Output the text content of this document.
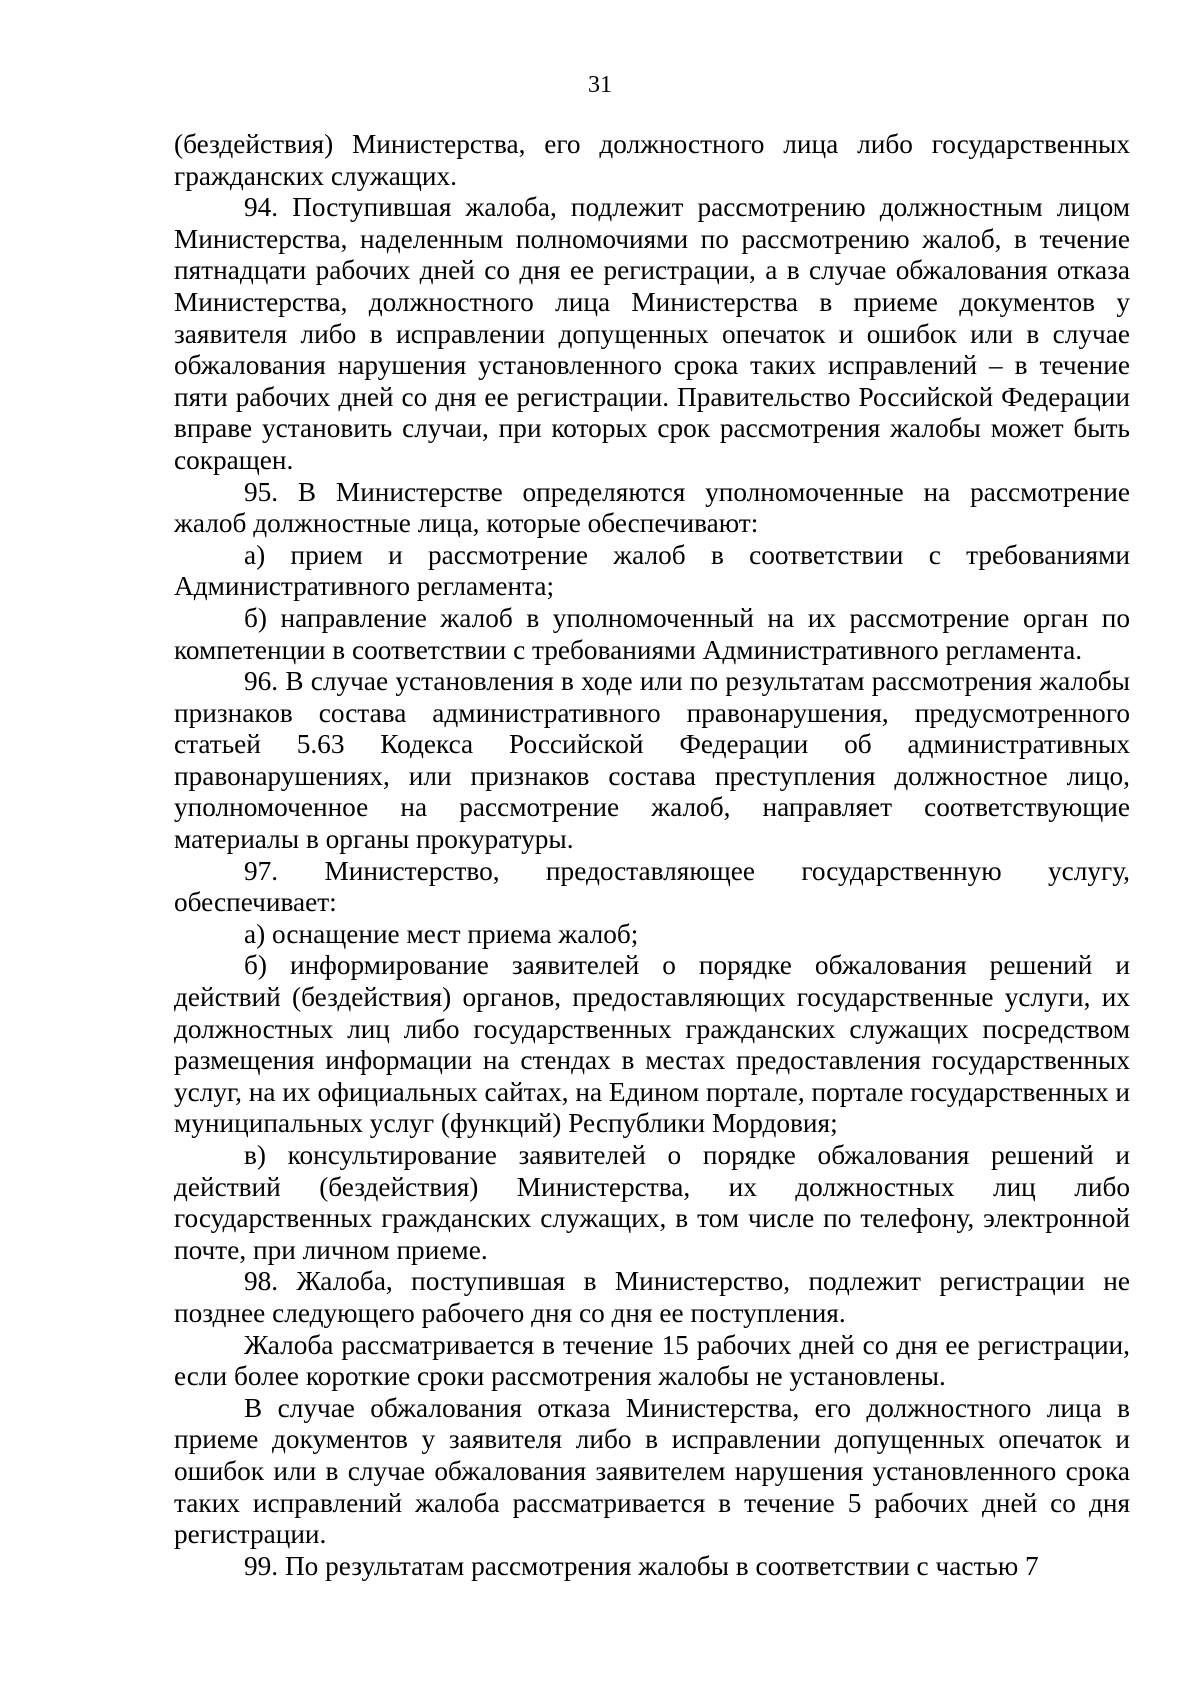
31

(бездействия) Министерства, его должностного лица либо государственных гражданских служащих.

94. Поступившая жалоба, подлежит рассмотрению должностным лицом Министерства, наделенным полномочиями по рассмотрению жалоб, в течение пятнадцати рабочих дней со дня ее регистрации, а в случае обжалования отказа Министерства, должностного лица Министерства в приеме документов у заявителя либо в исправлении допущенных опечаток и ошибок или в случае обжалования нарушения установленного срока таких исправлений – в течение пяти рабочих дней со дня ее регистрации. Правительство Российской Федерации вправе установить случаи, при которых срок рассмотрения жалобы может быть сокращен.

95. В Министерстве определяются уполномоченные на рассмотрение жалоб должностные лица, которые обеспечивают:

а) прием и рассмотрение жалоб в соответствии с требованиями Административного регламента;

б) направление жалоб в уполномоченный на их рассмотрение орган по компетенции в соответствии с требованиями Административного регламента.

96. В случае установления в ходе или по результатам рассмотрения жалобы признаков состава административного правонарушения, предусмотренного статьей 5.63 Кодекса Российской Федерации об административных правонарушениях, или признаков состава преступления должностное лицо, уполномоченное на рассмотрение жалоб, направляет соответствующие материалы в органы прокуратуры.

97. Министерство, предоставляющее государственную услугу, обеспечивает:

а) оснащение мест приема жалоб;

б) информирование заявителей о порядке обжалования решений и действий (бездействия) органов, предоставляющих государственные услуги, их должностных лиц либо государственных гражданских служащих посредством размещения информации на стендах в местах предоставления государственных услуг, на их официальных сайтах, на Едином портале, портале государственных и муниципальных услуг (функций) Республики Мордовия;

в) консультирование заявителей о порядке обжалования решений и действий (бездействия) Министерства, их должностных лиц либо государственных гражданских служащих, в том числе по телефону, электронной почте, при личном приеме.

98. Жалоба, поступившая в Министерство, подлежит регистрации не позднее следующего рабочего дня со дня ее поступления.

Жалоба рассматривается в течение 15 рабочих дней со дня ее регистрации, если более короткие сроки рассмотрения жалобы не установлены.

В случае обжалования отказа Министерства, его должностного лица в приеме документов у заявителя либо в исправлении допущенных опечаток и ошибок или в случае обжалования заявителем нарушения установленного срока таких исправлений жалоба рассматривается в течение 5 рабочих дней со дня регистрации.

99. По результатам рассмотрения жалобы в соответствии с частью 7
